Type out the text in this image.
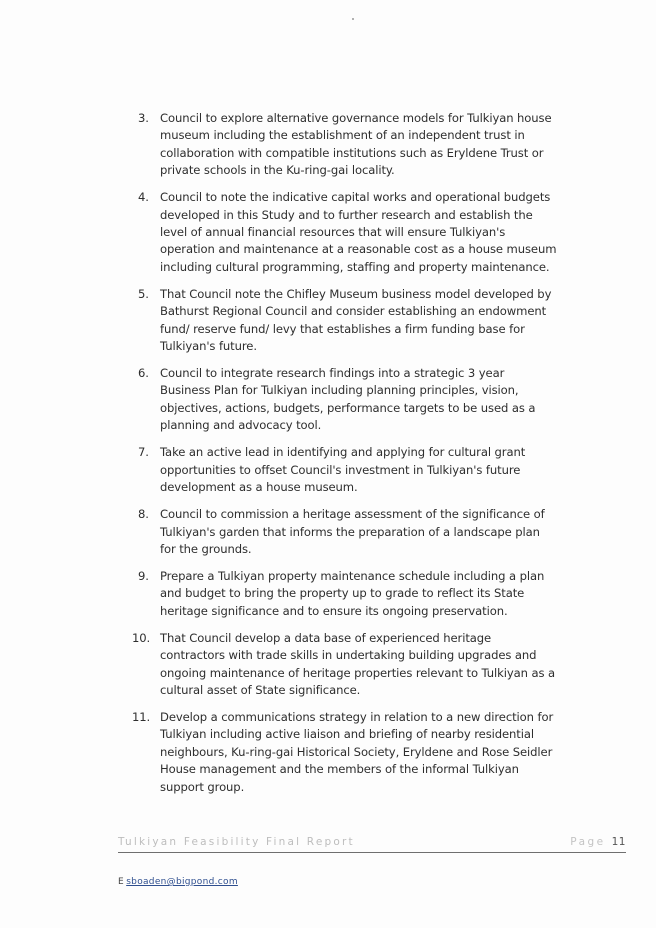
3. Council to explore alternative governance models for Tulkiyan house museum including the establishment of an independent trust in collaboration with compatible institutions such as Eryldene Trust or private schools in the Ku-ring-gai locality.
4. Council to note the indicative capital works and operational budgets developed in this Study and to further research and establish the level of annual financial resources that will ensure Tulkiyan's operation and maintenance at a reasonable cost as a house museum including cultural programming, staffing and property maintenance.
5. That Council note the Chifley Museum business model developed by Bathurst Regional Council and consider establishing an endowment fund/ reserve fund/ levy that establishes a firm funding base for Tulkiyan's future.
6. Council to integrate research findings into a strategic 3 year Business Plan for Tulkiyan including planning principles, vision, objectives, actions, budgets, performance targets to be used as a planning and advocacy tool.
7. Take an active lead in identifying and applying for cultural grant opportunities to offset Council's investment in Tulkiyan's future development as a house museum.
8. Council to commission a heritage assessment of the significance of Tulkiyan's garden that informs the preparation of a landscape plan for the grounds.
9. Prepare a Tulkiyan property maintenance schedule including a plan and budget to bring the property up to grade to reflect its State heritage significance and to ensure its ongoing preservation.
10. That Council develop a data base of experienced heritage contractors with trade skills in undertaking building upgrades and ongoing maintenance of heritage properties relevant to Tulkiyan as a cultural asset of State significance.
11. Develop a communications strategy in relation to a new direction for Tulkiyan including active liaison and briefing of nearby residential neighbours, Ku-ring-gai Historical Society, Eryldene and Rose Seidler House management and the members of the informal Tulkiyan support group.
Tulkiyan Feasibility Final Report	Page 11
E sboaden@bigpond.com
